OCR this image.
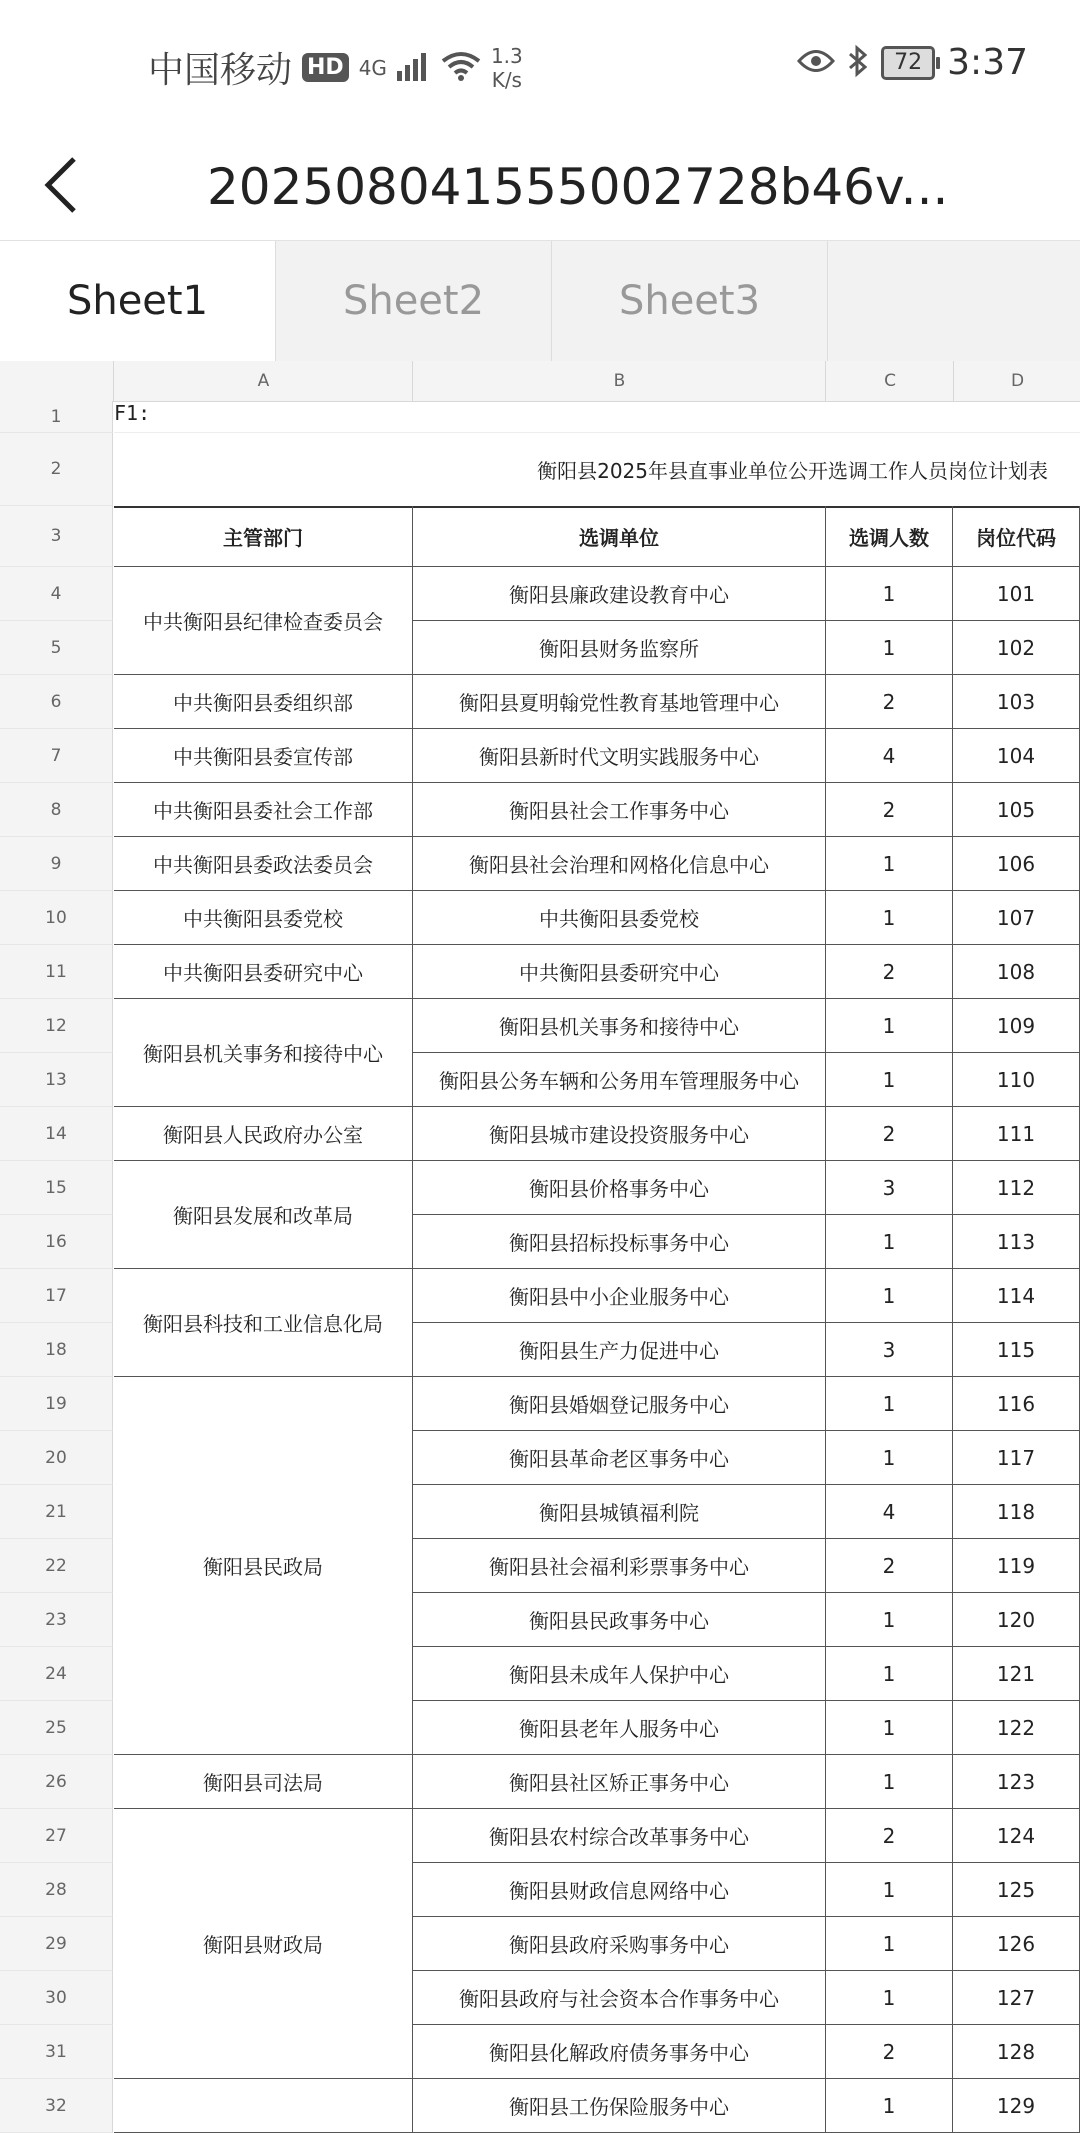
中国移动 HD 4G	1.3
K/s
72 3:37
20250804155500​2728b46v...
Sheet1	Sheet2	Sheet3
A	B	C	D
1
2
3
4
5
6
7
8
9
10
11
12
13
14
15
16
17
18
19
20
21
22
23
24
25
26
27
28
29
30
31
32
F1:
衡阳县2025年县直事业单位公开选调工作人员岗位计划表
主管部门	选调单位	选调人数	岗位代码
中共衡阳县纪律检查委员会
衡阳县廉政建设教育中心	1	101
衡阳县财务监察所	1	102
中共衡阳县委组织部	衡阳县夏明翰党性教育基地管理中心	2	103
中共衡阳县委宣传部	衡阳县新时代文明实践服务中心	4	104
中共衡阳县委社会工作部	衡阳县社会工作事务中心	2	105
中共衡阳县委政法委员会	衡阳县社会治理和网格化信息中心	1	106
中共衡阳县委党校	中共衡阳县委党校	1	107
中共衡阳县委研究中心	中共衡阳县委研究中心	2	108
衡阳县机关事务和接待中心
衡阳县机关事务和接待中心	1	109
衡阳县公务车辆和公务用车管理服务中心	1	110
衡阳县人民政府办公室	衡阳县城市建设投资服务中心	2	111
衡阳县发展和改革局
衡阳县价格事务中心	3	112
衡阳县招标投标事务中心	1	113
衡阳县科技和工业信息化局
衡阳县中小企业服务中心	1	114
衡阳县生产力促进中心	3	115
衡阳县民政局
衡阳县婚姻登记服务中心	1	116
衡阳县革命老区事务中心	1	117
衡阳县城镇福利院	4	118
衡阳县社会福利彩票事务中心	2	119
衡阳县民政事务中心	1	120
衡阳县未成年人保护中心	1	121
衡阳县老年人服务中心	1	122
衡阳县司法局	衡阳县社区矫正事务中心	1	123
衡阳县财政局
衡阳县农村综合改革事务中心	2	124
衡阳县财政信息网络中心	1	125
衡阳县政府采购事务中心	1	126
衡阳县政府与社会资本合作事务中心	1	127
衡阳县化解政府债务事务中心	2	128
衡阳县工伤保险服务中心	1	129
